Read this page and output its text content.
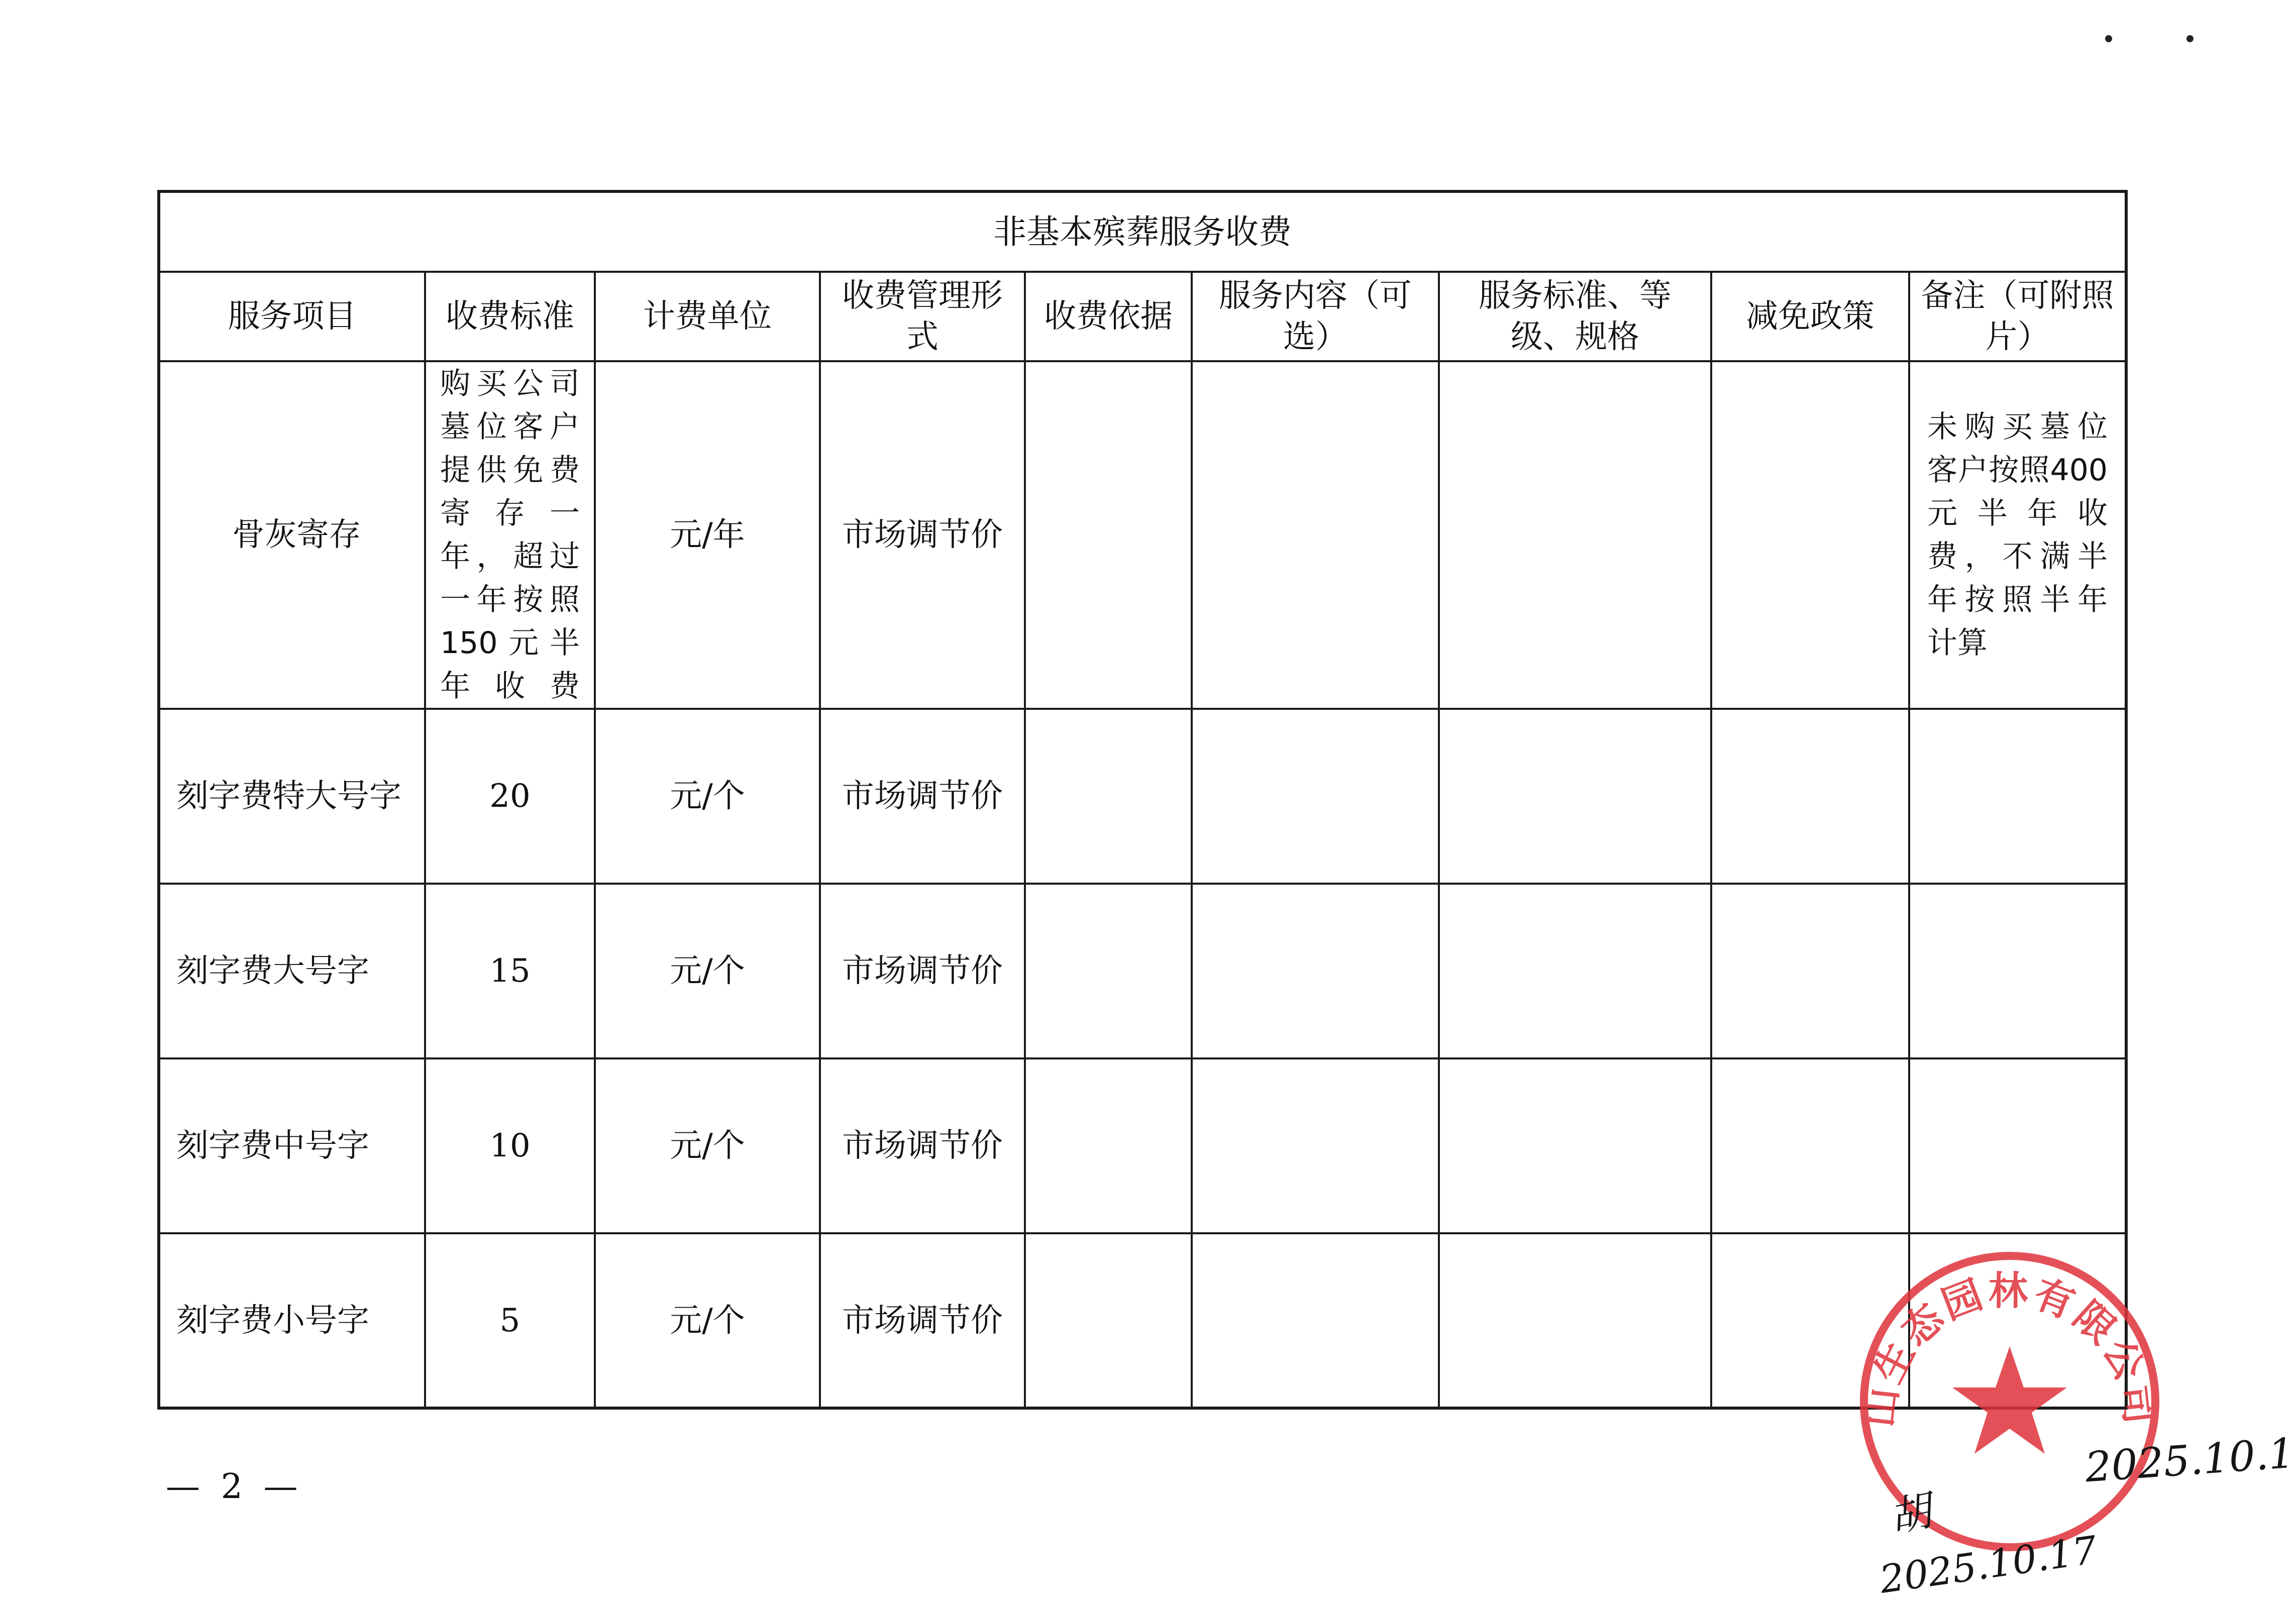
非基本殡葬服务收费								
服务项目	收费标准	计费单位	收费管理形式	收费依据	服务内容（可选）	服务标准、等级、规格	减免政策	备注（可附照片）
骨灰寄存	购买公司墓位客户提供免费寄存一年，超过一年按照150元半年收费	元/年	市场调节价					未购买墓位客户按照400元半年收费，不满半年按照半年计算
刻字费特大号字	20	元/个	市场调节价					
刻字费大号字	15	元/个	市场调节价					
刻字费中号字	10	元/个	市场调节价					
刻字费小号字	5	元/个	市场调节价					
— 2 —
山生态园林有限公司
胡
2025.10.1
2025.10.17
